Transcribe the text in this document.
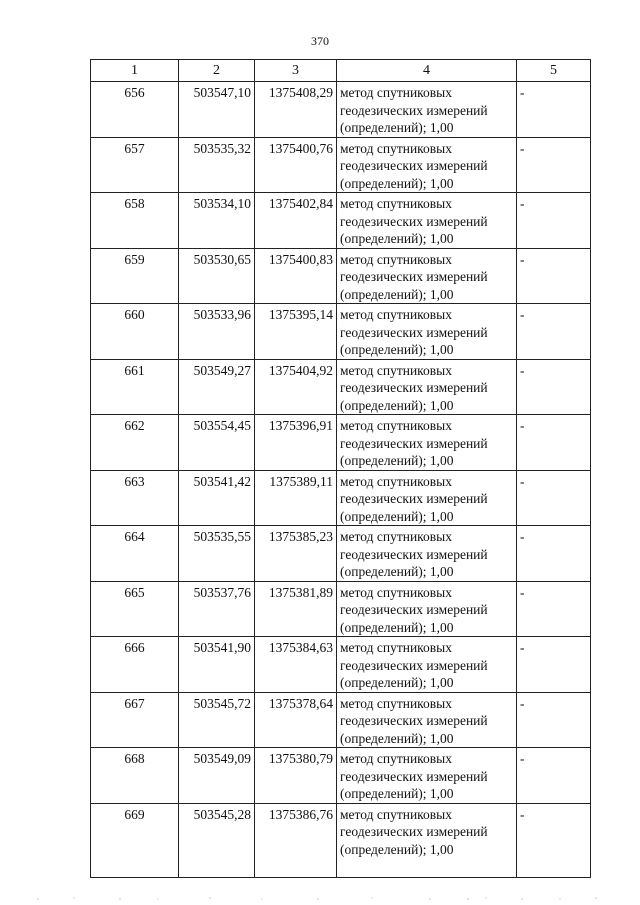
370
1	2	3	4	5
656	503547,10	1375408,29	метод спутниковых геодезических измерений (определений); 1,00	-
657	503535,32	1375400,76	метод спутниковых геодезических измерений (определений); 1,00	-
658	503534,10	1375402,84	метод спутниковых геодезических измерений (определений); 1,00	-
659	503530,65	1375400,83	метод спутниковых геодезических измерений (определений); 1,00	-
660	503533,96	1375395,14	метод спутниковых геодезических измерений (определений); 1,00	-
661	503549,27	1375404,92	метод спутниковых геодезических измерений (определений); 1,00	-
662	503554,45	1375396,91	метод спутниковых геодезических измерений (определений); 1,00	-
663	503541,42	1375389,11	метод спутниковых геодезических измерений (определений); 1,00	-
664	503535,55	1375385,23	метод спутниковых геодезических измерений (определений); 1,00	-
665	503537,76	1375381,89	метод спутниковых геодезических измерений (определений); 1,00	-
666	503541,90	1375384,63	метод спутниковых геодезических измерений (определений); 1,00	-
667	503545,72	1375378,64	метод спутниковых геодезических измерений (определений); 1,00	-
668	503549,09	1375380,79	метод спутниковых геодезических измерений (определений); 1,00	-
669	503545,28	1375386,76	метод спутниковых геодезических измерений (определений); 1,00	-
